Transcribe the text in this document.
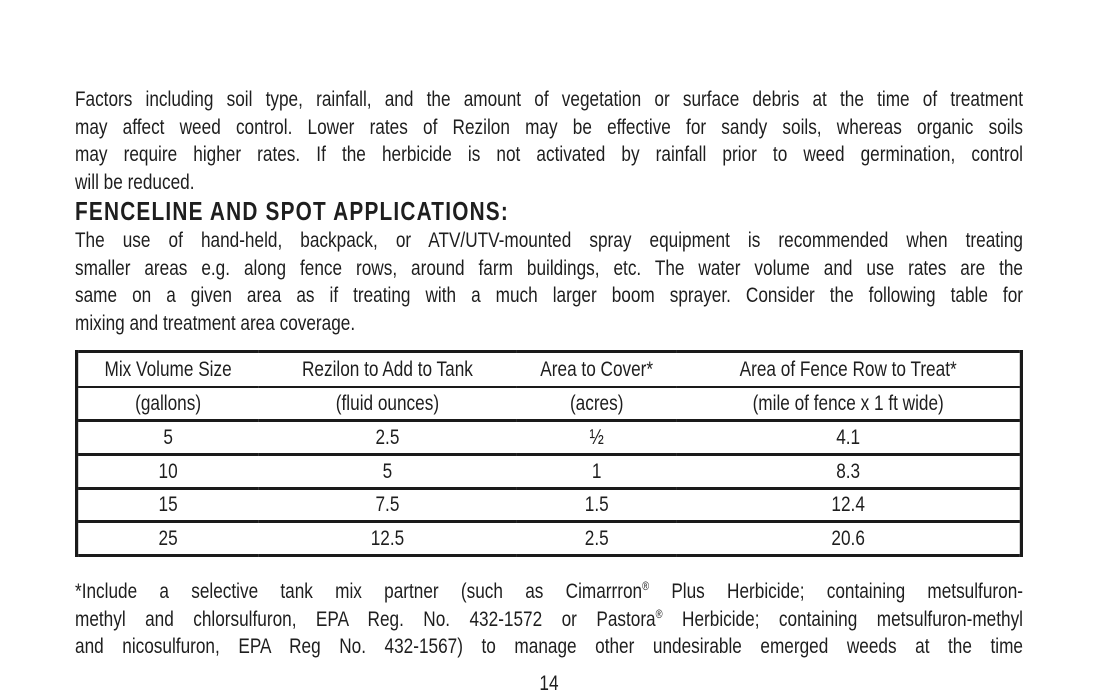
Factors including soil type, rainfall, and the amount of vegetation or surface debris at the time of treatment
may affect weed control. Lower rates of Rezilon may be effective for sandy soils, whereas organic soils
may require higher rates. If the herbicide is not activated by rainfall prior to weed germination, control
will be reduced.
FENCELINE AND SPOT APPLICATIONS:
The use of hand-held, backpack, or ATV/UTV-mounted spray equipment is recommended when treating
smaller areas e.g. along fence rows, around farm buildings, etc. The water volume and use rates are the
same on a given area as if treating with a much larger boom sprayer. Consider the following table for
mixing and treatment area coverage.
Mix Volume Size	Rezilon to Add to Tank	Area to Cover*	Area of Fence Row to Treat*
(gallons)	(fluid ounces)	(acres)	(mile of fence x 1 ft wide)
5	2.5	½	4.1
10	5	1	8.3
15	7.5	1.5	12.4
25	12.5	2.5	20.6
*Include a selective tank mix partner (such as Cimarrron® Plus Herbicide; containing metsulfuron-
methyl and chlorsulfuron, EPA Reg. No. 432-1572 or Pastora® Herbicide; containing metsulfuron-methyl
and nicosulfuron, EPA Reg No. 432-1567) to manage other undesirable emerged weeds at the time
14
